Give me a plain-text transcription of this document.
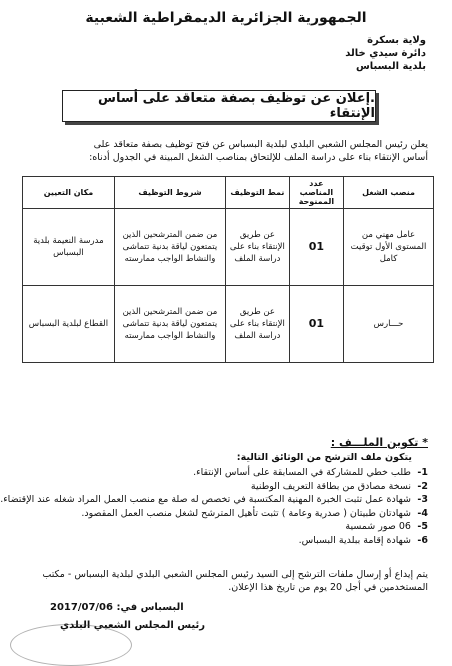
الجمهورية الجزائرية الديمقراطية الشعبية
ولاية بسكرة
دائرة سيدي خالد
بلدية البسباس
.إعلان عن توظيف بصفة متعاقد على أساس الإنتقاء
يعلن رئيس المجلس الشعبي البلدي لبلدية البسباس عن فتح توظيف بصفة متعاقد على
أساس الإنتقاء بناء على دراسة الملف للإلتحاق بمناصب الشغل المبينة في الجدول أدناه:
منصب الشغل	عدد المناصب الممنوحة	نمط التوظيف	شروط التوظيف	مكان التعيين
عامل مهني من المستوى الأول توقيت كامل	01	عن طريق الإنتقاء بناء على دراسة الملف	من ضمن المترشحين الذين يتمتعون لياقة بدنية تتماشى والنشاط الواجب ممارسته	مدرسة النعيمة بلدية البسباس
حـــارس	01	عن طريق الإنتقاء بناء على دراسة الملف	من ضمن المترشحين الذين يتمتعون لياقة بدنية تتماشى والنشاط الواجب ممارسته	القطاع لبلدية البسباس
* تكوين الملـــف :
يتكون ملف الترشح من الوثائق التالية:
1- طلب خطي للمشاركة في المسابقة على أساس الإنتقاء.
2- نسخة مصادق من بطاقة التعريف الوطنية
3- شهادة عمل تثبت الخبرة المهنية المكتسبة في تخصص له صلة مع منصب العمل المراد شغله عند الإقتضاء.
4- شهادتان طبيتان ( صدرية وعامة ) تثبت تأهيل المترشح لشغل منصب العمل المقصود.
5- 06 صور شمسية
6- شهادة إقامة ببلدية البسباس.
يتم إيداع أو إرسال ملفات الترشح إلى السيد رئيس المجلس الشعبي البلدي لبلدية البسباس - مكتب
المستخدمين في أجل 20 يوم من تاريخ هذا الإعلان.
البسباس في: 2017/07/06
رئيس المجلس الشعبي البلدي
